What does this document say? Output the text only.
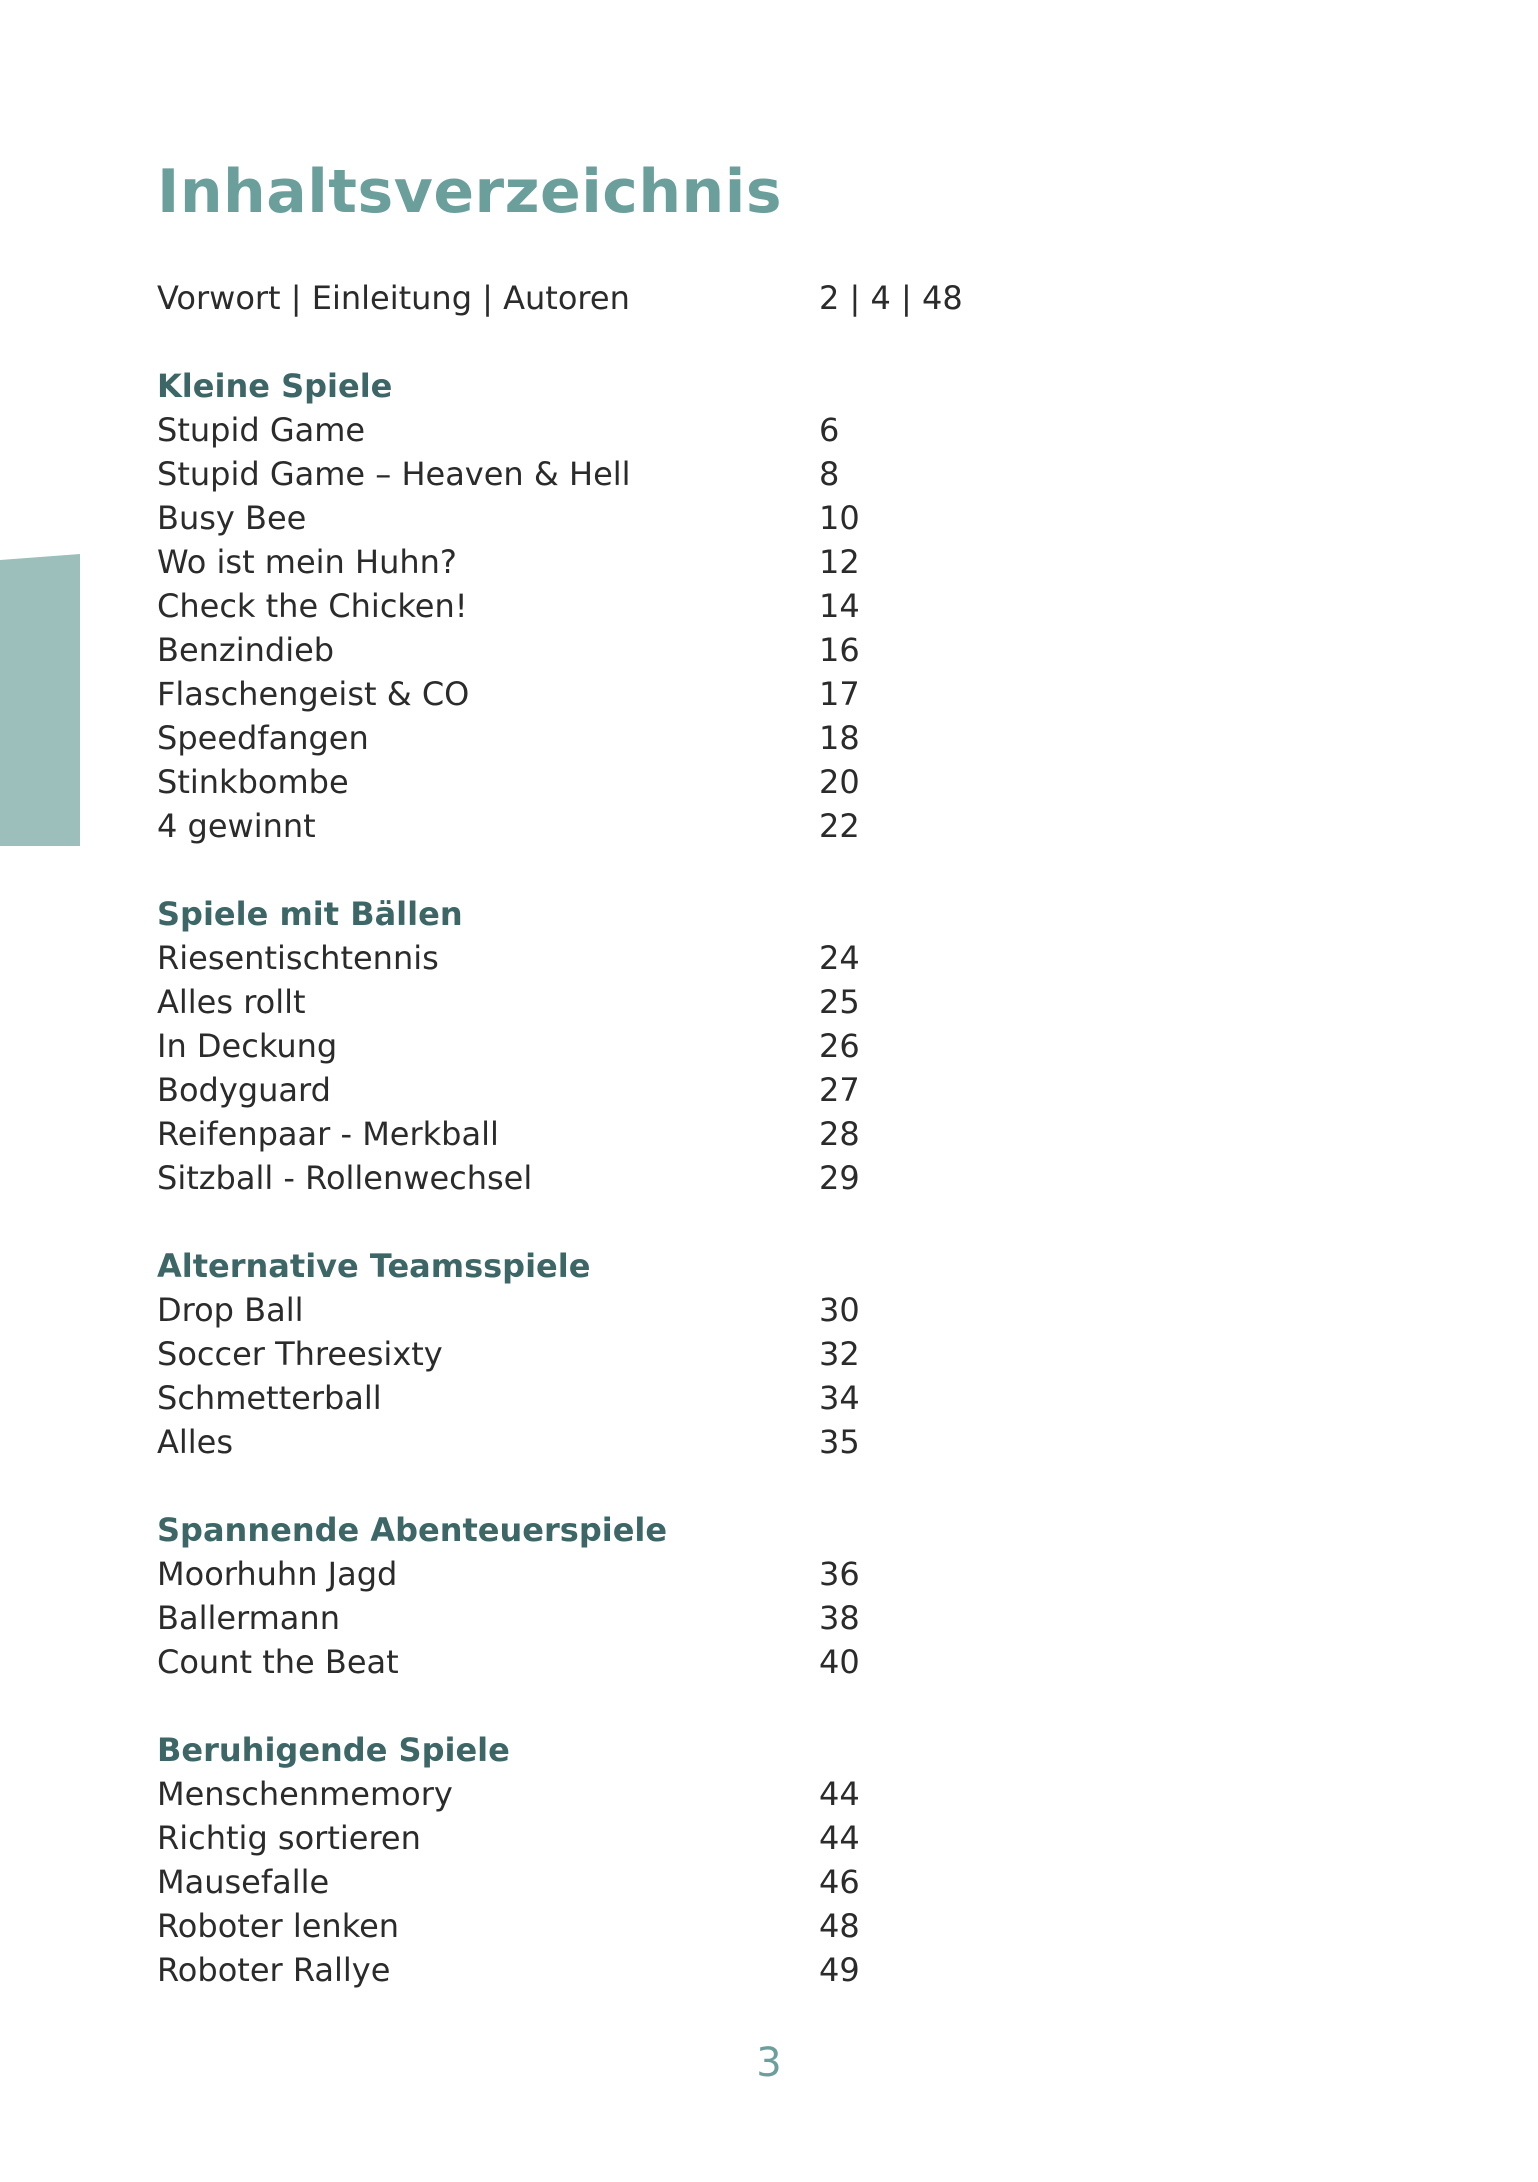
Inhaltsverzeichnis
Vorwort | Einleitung | Autoren	2 | 4 | 48
Kleine Spiele
Stupid Game	6
Stupid Game – Heaven & Hell	8
Busy Bee	10
Wo ist mein Huhn?	12
Check the Chicken!	14
Benzindieb	16
Flaschengeist & CO	17
Speedfangen	18
Stinkbombe	20
4 gewinnt	22
Spiele mit Bällen
Riesentischtennis	24
Alles rollt	25
In Deckung	26
Bodyguard	27
Reifenpaar - Merkball	28
Sitzball - Rollenwechsel	29
Alternative Teamsspiele
Drop Ball	30
Soccer Threesixty	32
Schmetterball	34
Alles	35
Spannende Abenteuerspiele
Moorhuhn Jagd	36
Ballermann	38
Count the Beat	40
Beruhigende Spiele
Menschenmemory	44
Richtig sortieren	44
Mausefalle	46
Roboter lenken	48
Roboter Rallye	49
3
